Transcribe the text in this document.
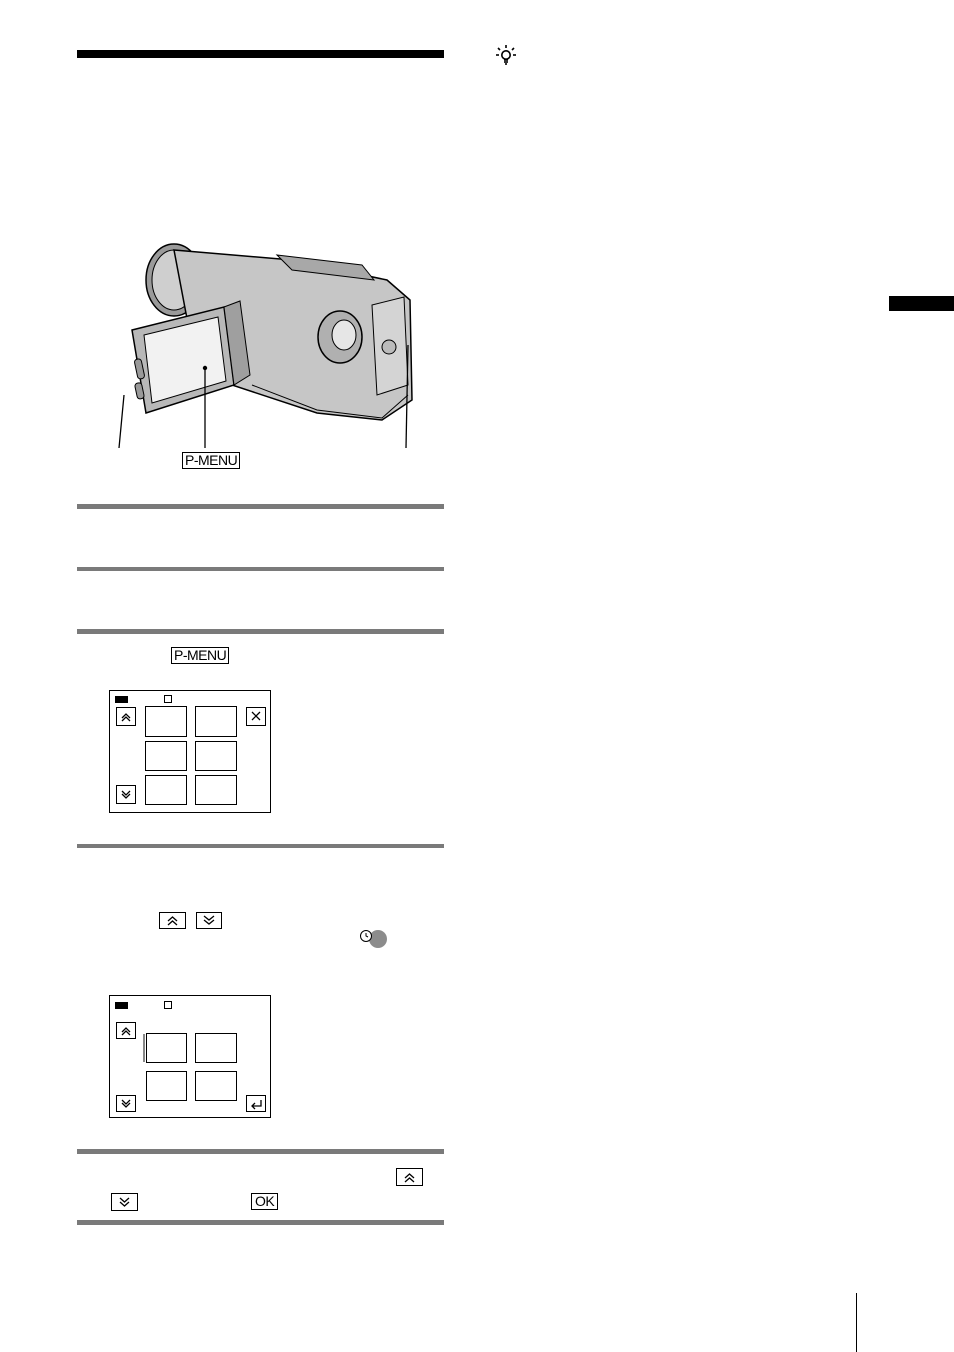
P-MENU
P-MENU
OK
